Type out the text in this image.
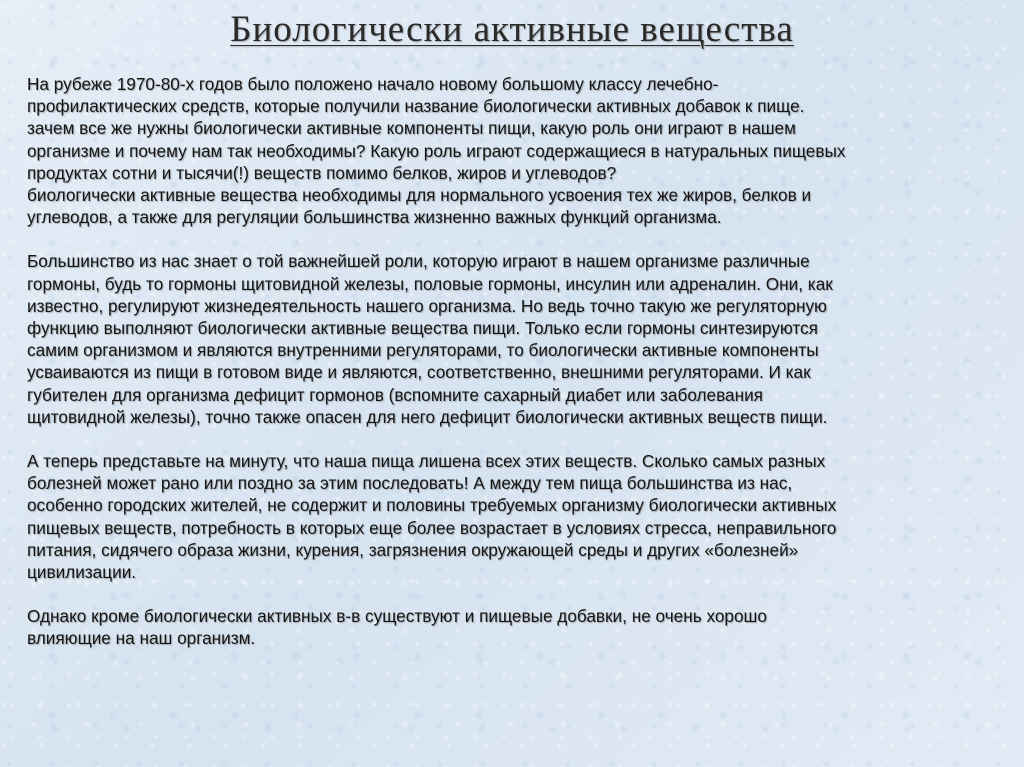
Биологически активные вещества

На рубеже 1970-80-х годов было положено начало новому большому классу лечебно-
профилактических средств, которые получили название биологически активных добавок к пище.
зачем все же нужны биологически активные компоненты пищи, какую роль они играют в нашем
организме и почему нам так необходимы? Какую роль играют содержащиеся в натуральных пищевых
продуктах сотни и тысячи(!) веществ помимо белков, жиров и углеводов?
биологически активные вещества необходимы для нормального усвоения тех же жиров, белков и
углеводов, а также для регуляции большинства жизненно важных функций организма.

Большинство из нас знает о той важнейшей роли, которую играют в нашем организме различные
гормоны, будь то гормоны щитовидной железы, половые гормоны, инсулин или адреналин. Они, как
известно, регулируют жизнедеятельность нашего организма. Но ведь точно такую же регуляторную
функцию выполняют биологически активные вещества пищи. Только если гормоны синтезируются
самим организмом и являются внутренними регуляторами, то биологически активные компоненты
усваиваются из пищи в готовом виде и являются, соответственно, внешними регуляторами. И как
губителен для организма дефицит гормонов (вспомните сахарный диабет или заболевания
щитовидной железы), точно также опасен для него дефицит биологически активных веществ пищи.

А теперь представьте на минуту, что наша пища лишена всех этих веществ. Сколько самых разных
болезней может рано или поздно за этим последовать! А между тем пища большинства из нас,
особенно городских жителей, не содержит и половины требуемых организму биологически активных
пищевых веществ, потребность в которых еще более возрастает в условиях стресса, неправильного
питания, сидячего образа жизни, курения, загрязнения окружающей среды и других «болезней»
цивилизации.

Однако кроме биологически активных в-в существуют и пищевые добавки, не очень хорошо
влияющие на наш организм.
